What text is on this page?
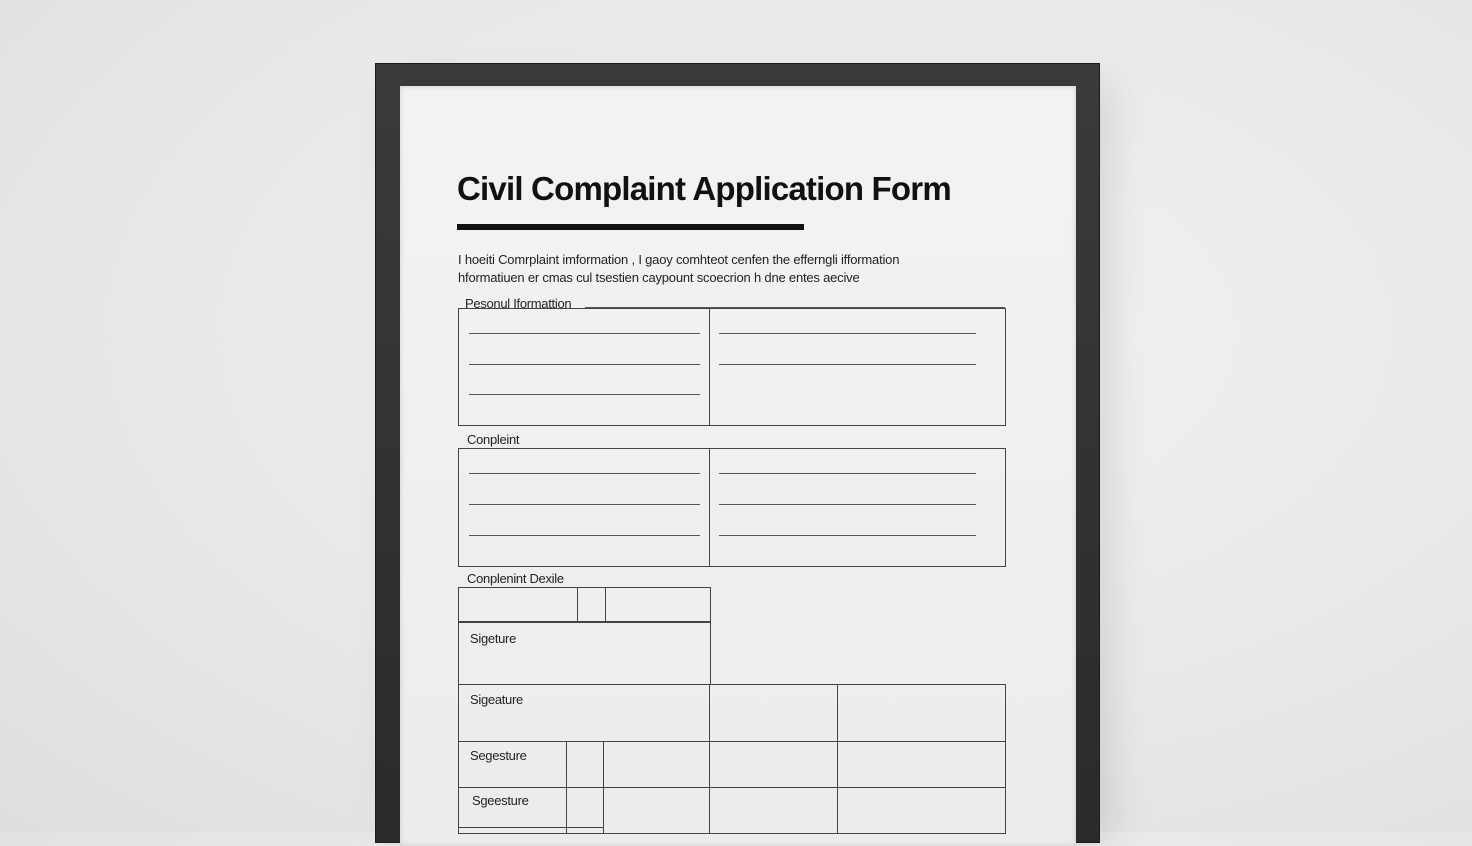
Civil Complaint Application Form
I hoeiti Comrplaint imformation , I gaoy comhteot cenfen the efferngli ifformation
hformatiuen er cmas cul tsestien caypount scoecrion h dne entes aecive
Pesonul Iformattion
Conpleint
Conplenint Dexile
Sigeture
Sigeature
Segesture
Sgeesture
